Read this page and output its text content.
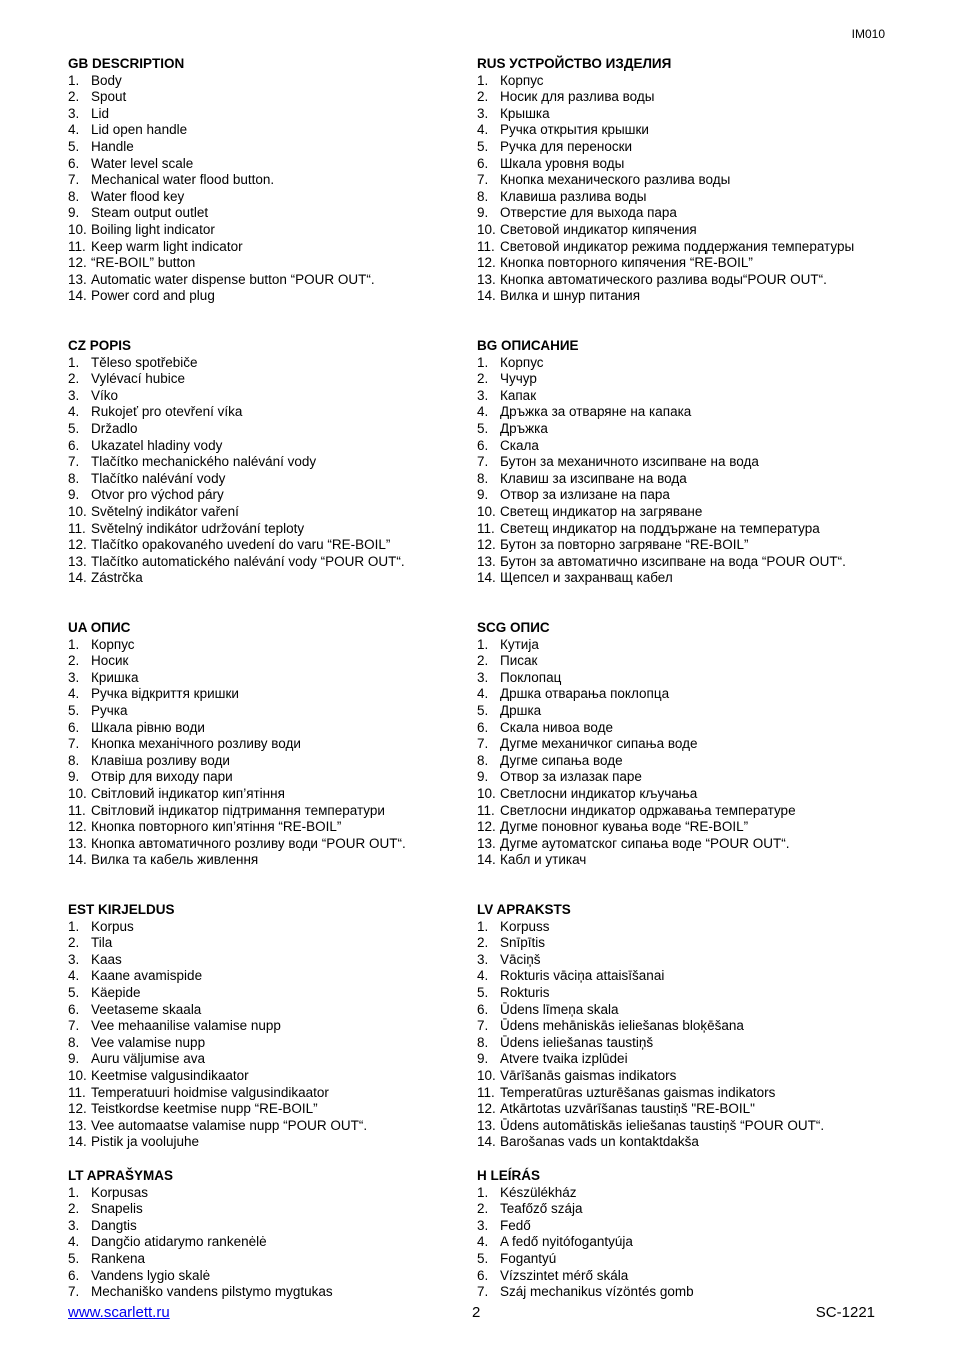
IM010
GB DESCRIPTION
1. Body
2. Spout
3. Lid
4. Lid open handle
5. Handle
6. Water level scale
7. Mechanical water flood button.
8. Water flood key
9. Steam output outlet
10. Boiling light indicator
11. Keep warm light indicator
12. “RE-BOIL” button
13. Automatic water dispense button “POUR OUT“.
14. Power cord and plug
CZ POPIS
1. Těleso spotřebiče
2. Vylévací hubice
3. Víko
4. Rukojeť pro otevření víka
5. Držadlo
6. Ukazatel hladiny vody
7. Tlačítko mechanického nalévání vody
8. Tlačítko nalévání vody
9. Otvor pro východ páry
10. Světelný indikátor vaření
11. Světelný indikátor udržování teploty
12. Tlačítko opakovaného uvedení do varu “RE-BOIL”
13. Tlačítko automatického nalévání vody “POUR OUT“.
14. Zástrčka
UA ОПИС
1. Корпус
2. Носик
3. Кришка
4. Ручка відкриття кришки
5. Ручка
6. Шкала рівню води
7. Кнопка механічного розливу води
8. Клавіша розливу води
9. Отвір для виходу пари
10. Світловий індикатор кип’ятіння
11. Світловий індикатор підтримання температури
12. Кнопка повторного кип’ятіння “RE-BOIL”
13. Кнопка автоматичного розливу води “POUR OUT“.
14. Вилка та кабель живлення
EST KIRJELDUS
1. Korpus
2. Tila
3. Kaas
4. Kaane avamispide
5. Käepide
6. Veetaseme skaala
7. Vee mehaanilise valamise nupp
8. Vee valamise nupp
9. Auru väljumise ava
10. Keetmise valgusindikaator
11. Temperatuuri hoidmise valgusindikaator
12. Teistkordse keetmise nupp “RE-BOIL”
13. Vee automaatse valamise nupp “POUR OUT“.
14. Pistik ja voolujuhe
LT APRAŠYMAS
1. Korpusas
2. Snapelis
3. Dangtis
4. Dangčio atidarymo rankenėlė
5. Rankena
6. Vandens lygio skalė
7. Mechaniško vandens pilstymo mygtukas
RUS УСТРОЙСТВО ИЗДЕЛИЯ
1. Корпус
2. Носик для разлива воды
3. Крышка
4. Ручка открытия крышки
5. Ручка для переноски
6. Шкала уровня воды
7. Кнопка механического разлива воды
8. Клавиша разлива воды
9. Отверстие для выхода пара
10. Световой индикатор кипячения
11. Световой индикатор режима поддержания температуры
12. Кнопка повторного кипячения “RE-BOIL”
13. Кнопка автоматического разлива воды“POUR OUT“.
14. Вилка и шнур питания
BG ОПИСАНИЕ
1. Корпус
2. Чучур
3. Капак
4. Дръжка за отваряне на капака
5. Дръжка
6. Скала
7. Бутон за механичното изсипване на вода
8. Клавиш за изсипване на вода
9. Отвор за излизане на пара
10. Светещ индикатор на загряване
11. Светещ индикатор на поддържане на температура
12. Бутон за повторно загряване “RE-BOIL”
13. Бутон за автоматично изсипване на вода “POUR OUT“.
14. Щепсел и захранващ кабел
SCG ОПИС
1. Кутија
2. Писак
3. Поклопац
4. Дршка отварања поклопца
5. Дршка
6. Скала нивоа воде
7. Дугме механичког сипања воде
8. Дугме сипања воде
9. Отвор за излазак паре
10. Светлосни индикатор кључања
11. Светлосни индикатор одржавања температуре
12. Дугме поновног кувања воде “RE-BOIL”
13. Дугме аутоматског сипања воде “POUR OUT“.
14. Кабл и утикач
LV APRAKSTS
1. Korpuss
2. Snīpītis
3. Vāciņš
4. Rokturis vāciņa attaisīšanai
5. Rokturis
6. Ūdens līmeņa skala
7. Ūdens mehāniskās ieliešanas bloķēšana
8. Ūdens ieliešanas taustiņš
9. Atvere tvaika izplūdei
10. Vārīšanās gaismas indikators
11. Temperatūras uzturēšanas gaismas indikators
12. Atkārtotas uzvārīšanas taustiņš "RE-BOIL"
13. Ūdens automātiskās ieliešanas taustiņš “POUR OUT“.
14. Barošanas vads un kontaktdakša
H LEÍRÁS
1. Készülékház
2. Teafőző szája
3. Fedő
4. A fedő nyitófogantyúja
5. Fogantyú
6. Vízszintet mérő skála
7. Száj mechanikus vízöntés gomb
www.scarlett.ru	2	SC-1221
